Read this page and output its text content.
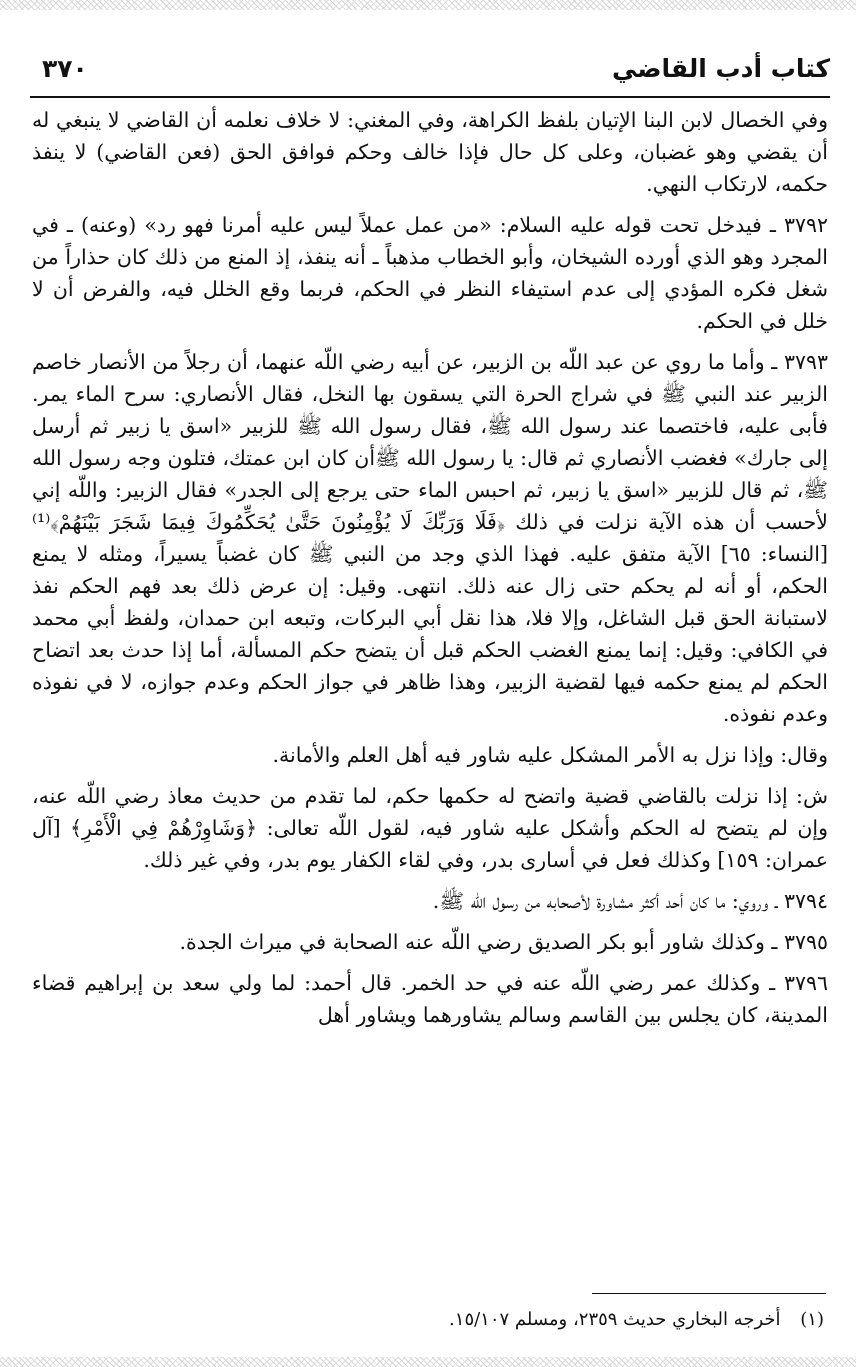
كتاب أدب القاضي
٣٧٠

وفي الخصال لابن البنا الإتيان بلفظ الكراهة، وفي المغني: لا خلاف نعلمه أن القاضي لا ينبغي له أن يقضي وهو غضبان، وعلى كل حال فإذا خالف وحكم فوافق الحق (فعن القاضي) لا ينفذ حكمه، لارتكاب النهي.

٣٧٩٢ ـ فيدخل تحت قوله عليه السلام: «من عمل عملاً ليس عليه أمرنا فهو رد» (وعنه) ـ في المجرد وهو الذي أورده الشيخان، وأبو الخطاب مذهباً ـ أنه ينفذ، إذ المنع من ذلك كان حذاراً من شغل فكره المؤدي إلى عدم استيفاء النظر في الحكم، فربما وقع الخلل فيه، والفرض أن لا خلل في الحكم.

٣٧٩٣ ـ وأما ما روي عن عبد اللّه بن الزبير، عن أبيه رضي اللّه عنهما، أن رجلاً من الأنصار خاصم الزبير عند النبي ﷺ في شراج الحرة التي يسقون بها النخل، فقال الأنصاري: سرح الماء يمر. فأبى عليه، فاختصما عند رسول الله ﷺ، فقال رسول الله ﷺ للزبير «اسق يا زبير ثم أرسل إلى جارك» فغضب الأنصاري ثم قال: يا رسول الله ﷺأن كان ابن عمتك، فتلون وجه رسول الله ﷺ، ثم قال للزبير «اسق يا زبير، ثم احبس الماء حتى يرجع إلى الجدر» فقال الزبير: واللّه إني لأحسب أن هذه الآية نزلت في ذلك ﴿فَلَا وَرَبِّكَ لَا يُؤْمِنُونَ حَتَّىٰ يُحَكِّمُوكَ فِيمَا شَجَرَ بَيْنَهُمْ﴾⁽¹⁾ [النساء: ٦٥] الآية متفق عليه. فهذا الذي وجد من النبي ﷺ كان غضباً يسيراً، ومثله لا يمنع الحكم، أو أنه لم يحكم حتى زال عنه ذلك. انتهى. وقيل: إن عرض ذلك بعد فهم الحكم نفذ لاستبانة الحق قبل الشاغل، وإلا فلا، هذا نقل أبي البركات، وتبعه ابن حمدان، ولفظ أبي محمد في الكافي: وقيل: إنما يمنع الغضب الحكم قبل أن يتضح حكم المسألة، أما إذا حدث بعد اتضاح الحكم لم يمنع حكمه فيها لقضية الزبير، وهذا ظاهر في جواز الحكم وعدم جوازه، لا في نفوذه وعدم نفوذه.

وقال: وإذا نزل به الأمر المشكل عليه شاور فيه أهل العلم والأمانة.

ش: إذا نزلت بالقاضي قضية واتضح له حكمها حكم، لما تقدم من حديث معاذ رضي اللّه عنه، وإن لم يتضح له الحكم وأشكل عليه شاور فيه، لقول اللّه تعالى: ﴿وَشَاوِرْهُمْ فِي الْأَمْرِ﴾ [آل عمران: ١٥٩] وكذلك فعل في أسارى بدر، وفي لقاء الكفار يوم بدر، وفي غير ذلك.

٣٧٩٤ ـ وروي: ما كان أحد أكثر مشاورة لأصحابه من رسول الله ﷺ.

٣٧٩٥ ـ وكذلك شاور أبو بكر الصديق رضي اللّه عنه الصحابة في ميراث الجدة.

٣٧٩٦ ـ وكذلك عمر رضي اللّه عنه في حد الخمر. قال أحمد: لما ولي سعد بن إبراهيم قضاء المدينة، كان يجلس بين القاسم وسالم يشاورهما ويشاور أهل

(١) أخرجه البخاري حديث ٢٣٥٩، ومسلم ١٥/١٠٧.
